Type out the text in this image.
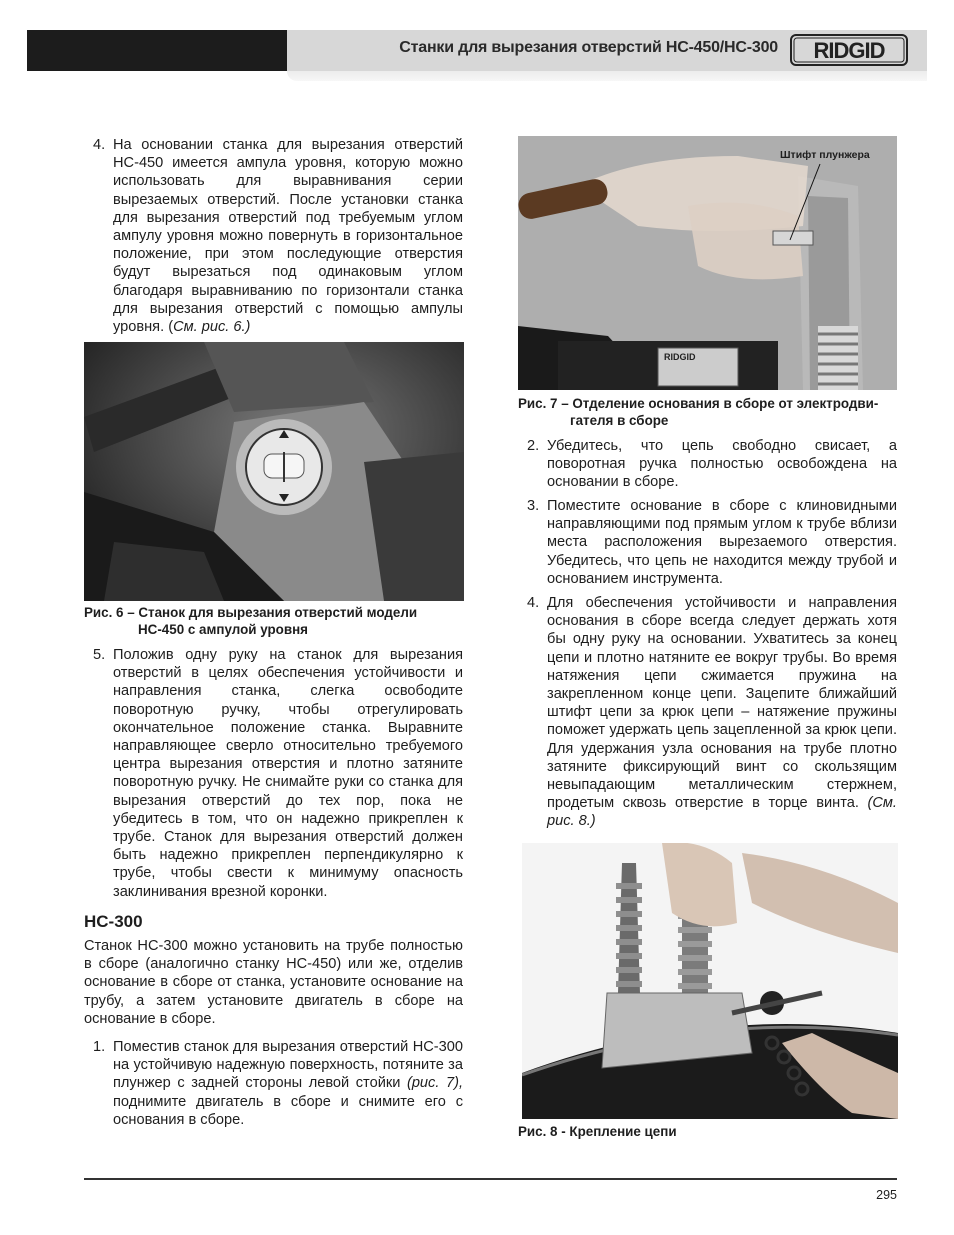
Станки для вырезания отверстий HC-450/HC-300 RIDGID

4. На основании станка для вырезания отверстий HC-450 имеется ампула уровня, которую можно использовать для выравнивания серии вырезаемых отверстий. После установки станка для вырезания отверстий под требуемым углом ампулу уровня можно повернуть в горизонтальное положение, при этом последующие отверстия будут вырезаться под одинаковым углом благодаря выравниванию по горизонтали станка для вырезания отверстий с помощью ампулы уровня. (См. рис. 6.)

Рис. 6 – Станок для вырезания отверстий модели
HC-450 с ампулой уровня

5. Положив одну руку на станок для вырезания отверстий в целях обеспечения устойчивости и направления станка, слегка освободите поворотную ручку, чтобы отрегулировать окончательное положение станка. Выравните направляющее сверло относительно требуемого центра вырезания отверстия и плотно затяните поворотную ручку. Не снимайте руки со станка для вырезания отверстий до тех пор, пока не убедитесь в том, что он надежно прикреплен к трубе. Станок для вырезания отверстий должен быть надежно прикреплен перпендикулярно к трубе, чтобы свести к минимуму опасность заклинивания врезной коронки.

HC-300

Станок HC-300 можно установить на трубе полностью в сборе (аналогично станку HC-450) или же, отделив основание в сборе от станка, установите основание на трубу, а затем установите двигатель в сборе на основание в сборе.

1. Поместив станок для вырезания отверстий HC-300 на устойчивую надежную поверхность, потяните за плунжер с задней стороны левой стойки (рис. 7), поднимите двигатель в сборе и снимите его с основания в сборе.

RIDGID
Штифт плунжера
Рис. 7 – Отделение основания в сборе от электродви-
гателя в сборе

2. Убедитесь, что цепь свободно свисает, а поворотная ручка полностью освобождена на основании в сборе.

3. Поместите основание в сборе с клиновидными направляющими под прямым углом к трубе вблизи места расположения вырезаемого отверстия. Убедитесь, что цепь не находится между трубой и основанием инструмента.

4. Для обеспечения устойчивости и направления основания в сборе всегда следует держать хотя бы одну руку на основании. Ухватитесь за конец цепи и плотно натяните ее вокруг трубы. Во время натяжения цепи сжимается пружина на закрепленном конце цепи. Зацепите ближайший штифт цепи за крюк цепи – натяжение пружины поможет удержать цепь зацепленной за крюк цепи. Для удержания узла основания на трубе плотно затяните фиксирующий винт со скользящим невыпадающим металлическим стержнем, продетым сквозь отверстие в торце винта. (См. рис. 8.)

Рис. 8 - Крепление цепи
295
